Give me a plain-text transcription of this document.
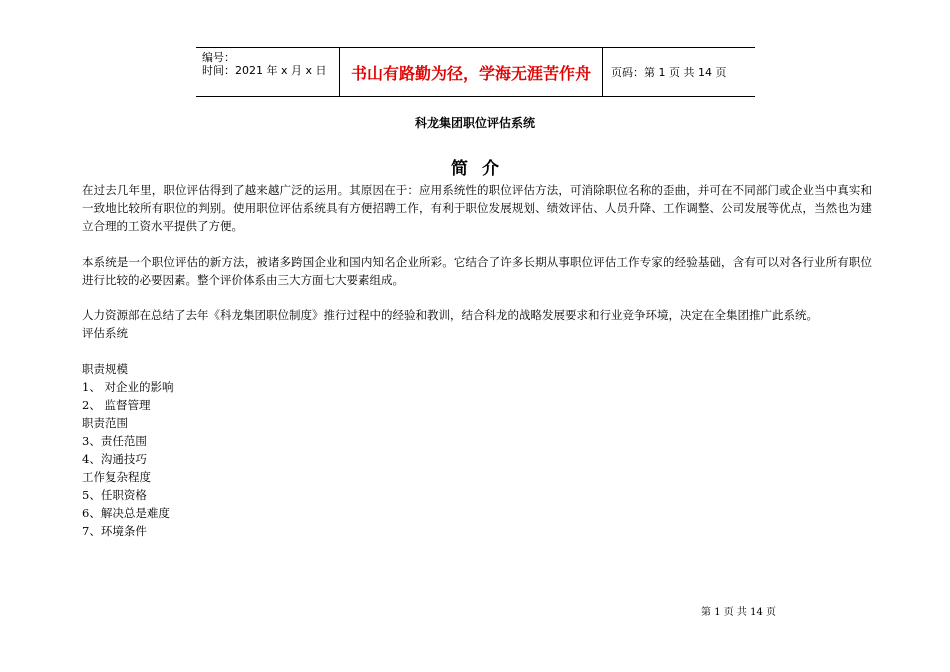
编号：
时间：2021 年 x 月 x 日	书山有路勤为径，学海无涯苦作舟	页码：第 1 页 共 14 页
科龙集团职位评估系统
简介
在过去几年里，职位评估得到了越来越广泛的运用。其原因在于：应用系统性的职位评估方法，可消除职位名称的歪曲，并可在不同部门或企业当中真实和一致地比较所有职位的判别。使用职位评估系统具有方便招聘工作，有利于职位发展规划、绩效评估、人员升降、工作调整、公司发展等优点，当然也为建立合理的工资水平提供了方便。
本系统是一个职位评估的新方法，被诸多跨国企业和国内知名企业所彩。它结合了许多长期从事职位评估工作专家的经验基础，含有可以对各行业所有职位进行比较的必要因素。整个评价体系由三大方面七大要素组成。
人力资源部在总结了去年《科龙集团职位制度》推行过程中的经验和教训，结合科龙的战略发展要求和行业竞争环境，决定在全集团推广此系统。
评估系统
职责规模
1、 对企业的影响
2、 监督管理
职责范围
3、责任范围
4、沟通技巧
工作复杂程度
5、任职资格
6、解决总是难度
7、环境条件
第 1 页 共 14 页
